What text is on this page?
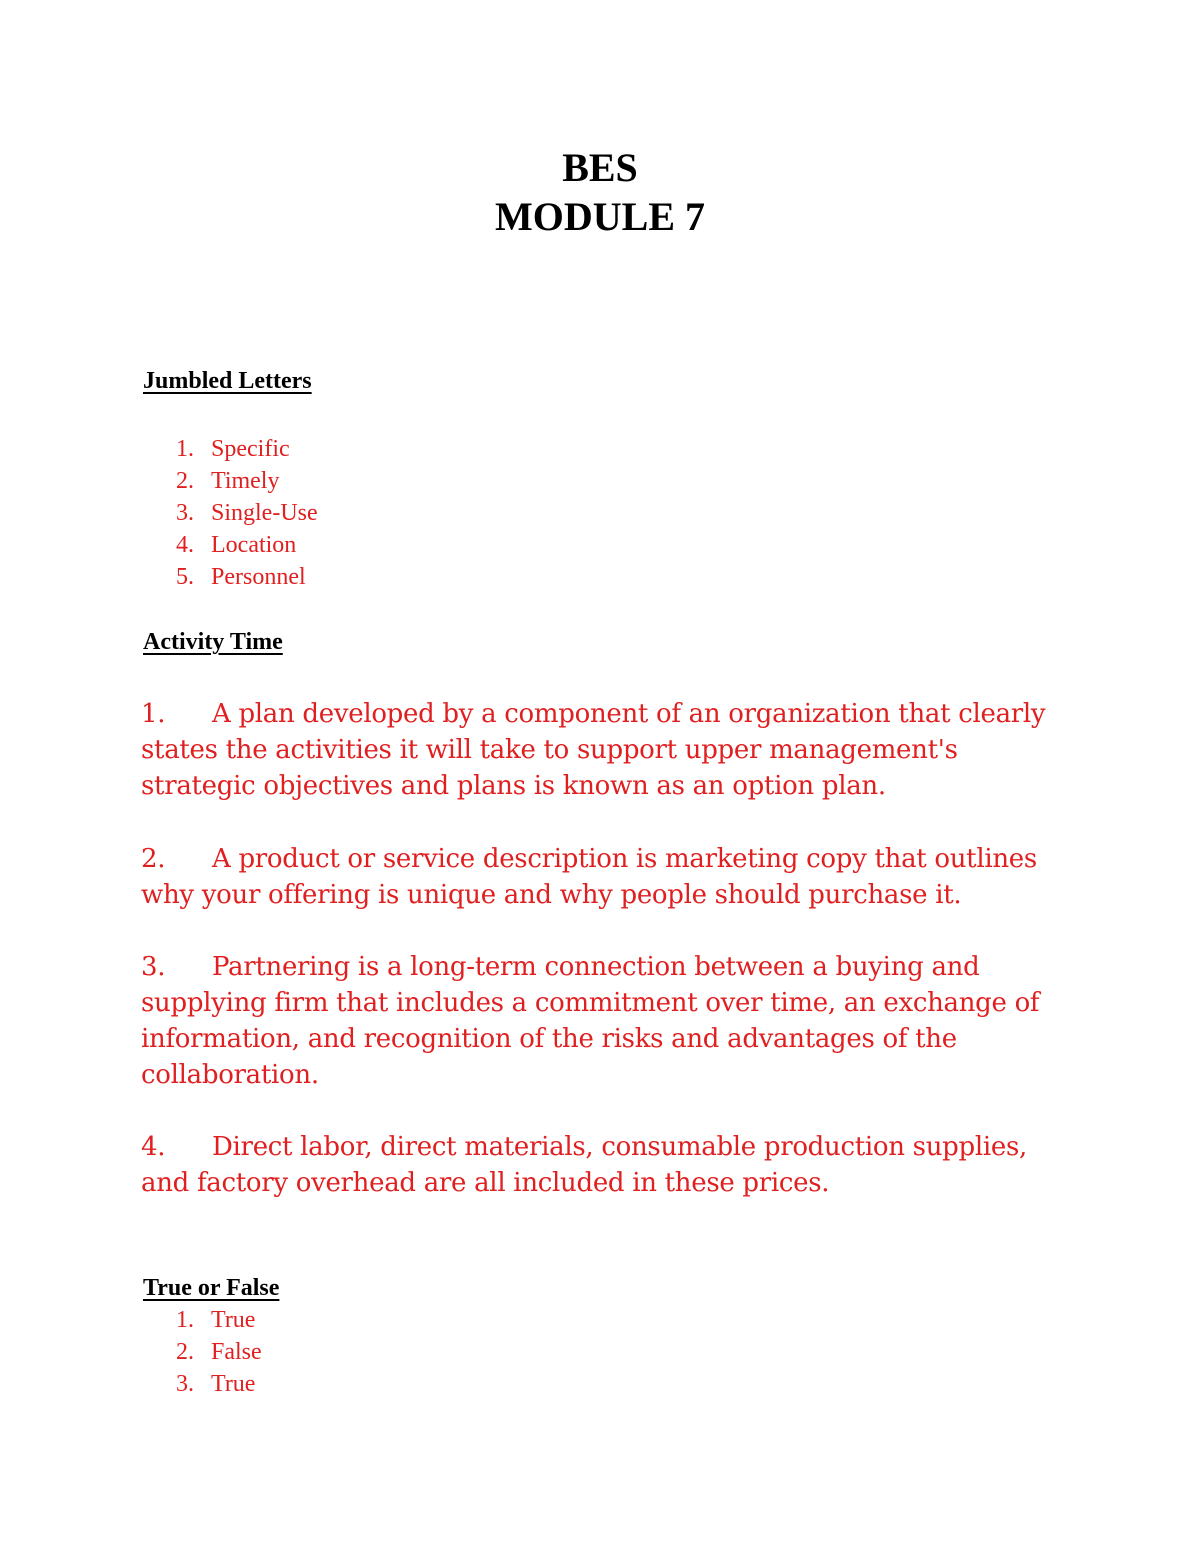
BES
MODULE 7
Jumbled Letters
1. Specific
2. Timely
3. Single-Use
4. Location
5. Personnel
Activity Time
1. A plan developed by a component of an organization that clearly states the activities it will take to support upper management's strategic objectives and plans is known as an option plan.
2. A product or service description is marketing copy that outlines why your offering is unique and why people should purchase it.
3. Partnering is a long-term connection between a buying and supplying firm that includes a commitment over time, an exchange of information, and recognition of the risks and advantages of the collaboration.
4. Direct labor, direct materials, consumable production supplies, and factory overhead are all included in these prices.
True or False
1. True
2. False
3. True
